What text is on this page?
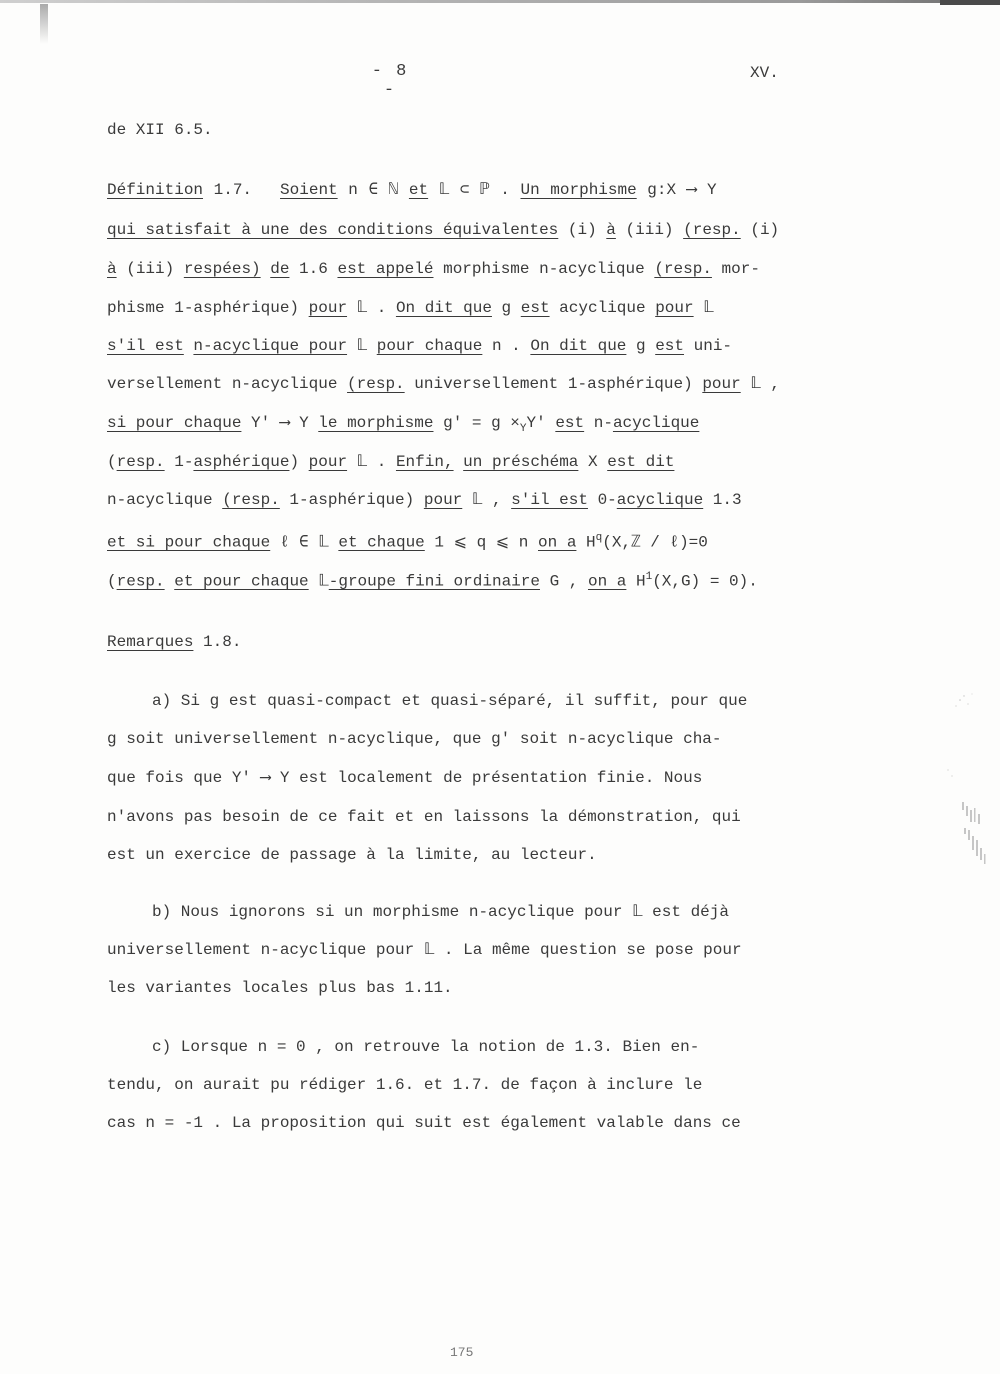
- 8 -
XV.
de XII 6.5.
Définition 1.7. Soient n ∈ ℕ et 𝕃 ⊂ ℙ . Un morphisme g:X ⟶ Y
qui satisfait à une des conditions équivalentes (i) à (iii) (resp. (i)
à (iii) respées) de 1.6 est appelé morphisme n-acyclique (resp. mor-
phisme 1-asphérique) pour 𝕃 . On dit que g est acyclique pour 𝕃
s'il est n-acyclique pour 𝕃 pour chaque n . On dit que g est uni-
versellement n-acyclique (resp. universellement 1-asphérique) pour 𝕃 ,
si pour chaque Y' ⟶ Y le morphisme $g' = g \times_YY'$ est n-acyclique
(resp. 1-asphérique) pour 𝕃 . Enfin, un préschéma X est dit
n-acyclique (resp. 1-asphérique) pour 𝕃 , s'il est 0-acyclique 1.3
et si pour chaque ℓ ∈ 𝕃 et chaque 1 ⩽ q ⩽ n on a $H^q(X,ℤ$ / ℓ)=0
(resp. et pour chaque 𝕃-groupe fini ordinaire G , on a $H^1(X,G) = 0$).
Remarques 1.8.
a) Si g est quasi-compact et quasi-séparé, il suffit, pour que
g soit universellement n-acyclique, que g' soit n-acyclique cha-
que fois que Y' ⟶ Y est localement de présentation finie. Nous
n'avons pas besoin de ce fait et en laissons la démonstration, qui
est un exercice de passage à la limite, au lecteur.
b) Nous ignorons si un morphisme n-acyclique pour 𝕃 est déjà
universellement n-acyclique pour 𝕃 . La même question se pose pour
les variantes locales plus bas 1.11.
c) Lorsque n = 0 , on retrouve la notion de 1.3. Bien en-
tendu, on aurait pu rédiger 1.6. et 1.7. de façon à inclure le
cas n = -1 . La proposition qui suit est également valable dans ce
175
